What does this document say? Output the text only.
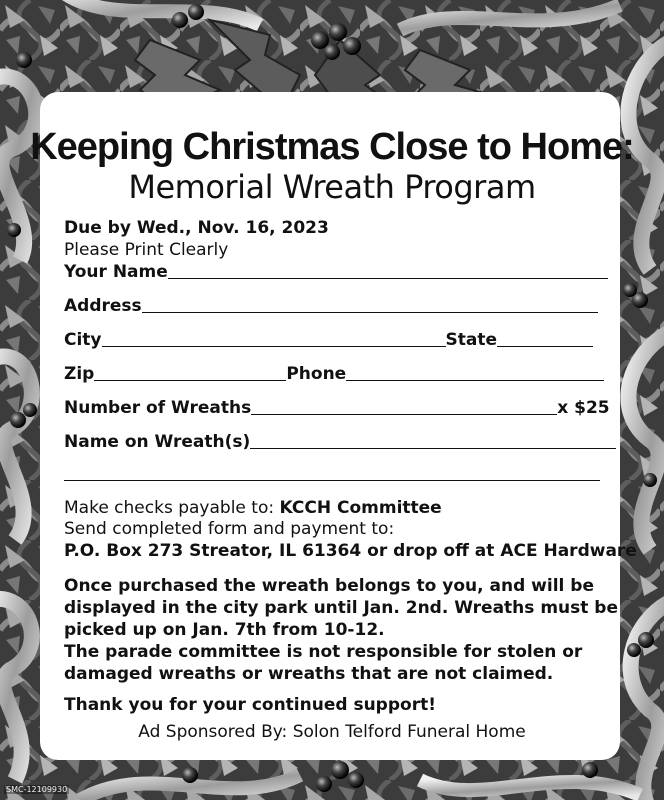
Keeping Christmas Close to Home:
Memorial Wreath Program
Due by Wed., Nov. 16, 2023
Please Print Clearly
Your Name
Address
City	State
Zip	Phone
Number of Wreaths	x $25
Name on Wreath(s)
Make checks payable to: KCCH Committee
Send completed form and payment to:
P.O. Box 273 Streator, IL 61364 or drop off at ACE Hardware
Once purchased the wreath belongs to you, and will be
displayed in the city park until Jan. 2nd. Wreaths must be
picked up on Jan. 7th from 10-12.
The parade committee is not responsible for stolen or
damaged wreaths or wreaths that are not claimed.
Thank you for your continued support!
Ad Sponsored By: Solon Telford Funeral Home
SMC-12109930
